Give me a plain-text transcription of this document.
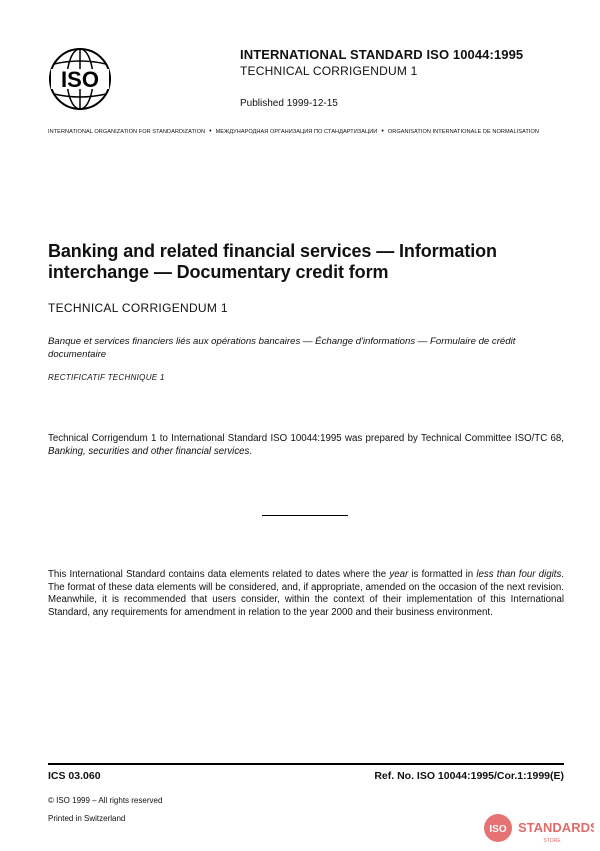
ISO
INTERNATIONAL STANDARD ISO 10044:1995
TECHNICAL CORRIGENDUM 1
Published 1999-12-15
INTERNATIONAL ORGANIZATION FOR STANDARDIZATION • МЕЖДУНАРОДНАЯ ОРГАНИЗАЦИЯ ПО СТАНДАРТИЗАЦИИ • ORGANISATION INTERNATIONALE DE NORMALISATION
Banking and related financial services — Information interchange — Documentary credit form
TECHNICAL CORRIGENDUM 1
Banque et services financiers liés aux opérations bancaires — Échange d'informations — Formulaire de crédit documentaire
RECTIFICATIF TECHNIQUE 1
Technical Corrigendum 1 to International Standard ISO 10044:1995 was prepared by Technical Committee ISO/TC 68, Banking, securities and other financial services.
This International Standard contains data elements related to dates where the year is formatted in less than four digits. The format of these data elements will be considered, and, if appropriate, amended on the occasion of the next revision. Meanwhile, it is recommended that users consider, within the context of their implementation of this International Standard, any requirements for amendment in relation to the year 2000 and their business environment.
ICS 03.060	Ref. No. ISO 10044:1995/Cor.1:1999(E)
© ISO 1999 – All rights reserved
Printed in Switzerland
ISO STANDARDS
STORE
